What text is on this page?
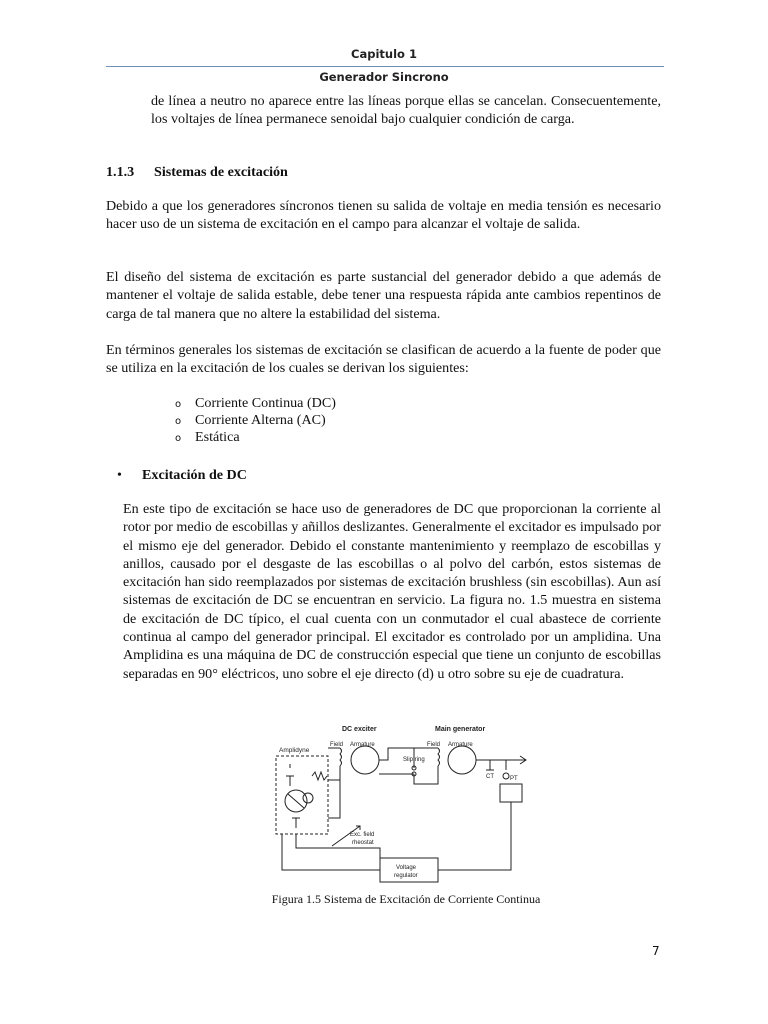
Capitulo 1
Generador Sincrono

de línea a neutro no aparece entre las líneas porque ellas se cancelan. Consecuentemente, los voltajes de línea permanece senoidal bajo cualquier condición de carga.

1.1.3 Sistemas de excitación

Debido a que los generadores síncronos tienen su salida de voltaje en media tensión es necesario hacer uso de un sistema de excitación en el campo para alcanzar el voltaje de salida.

El diseño del sistema de excitación es parte sustancial del generador debido a que además de mantener el voltaje de salida estable, debe tener una respuesta rápida ante cambios repentinos de carga de tal manera que no altere la estabilidad del sistema.

En términos generales los sistemas de excitación se clasifican de acuerdo a la fuente de poder que se utiliza en la excitación de los cuales se derivan los siguientes:

o Corriente Continua (DC)
o Corriente Alterna (AC)
o Estática
• Excitación de DC

En este tipo de excitación se hace uso de generadores de DC que proporcionan la corriente al rotor por medio de escobillas y añillos deslizantes. Generalmente el excitador es impulsado por el mismo eje del generador. Debido el constante mantenimiento y reemplazo de escobillas y anillos, causado por el desgaste de las escobillas o al polvo del carbón, estos sistemas de excitación han sido reemplazados por sistemas de excitación brushless (sin escobillas). Aun así sistemas de excitación de DC se encuentran en servicio. La figura no. 1.5 muestra en sistema de excitación de DC típico, el cual cuenta con un conmutador el cual abastece de corriente continua al campo del generador principal. El excitador es controlado por un amplidina. Una Amplidina es una máquina de DC de construcción especial que tiene un conjunto de escobillas separadas en 90° eléctricos, uno sobre el eje directo (d) u otro sobre su eje de cuadratura.

DC exciter	Main generator
Field Armature	Field Armature
Amplidyne
Slip ring
CT	PT
Exc. field
rheostat
Voltage
regulator
Figura 1.5 Sistema de Excitación de Corriente Continua
7
